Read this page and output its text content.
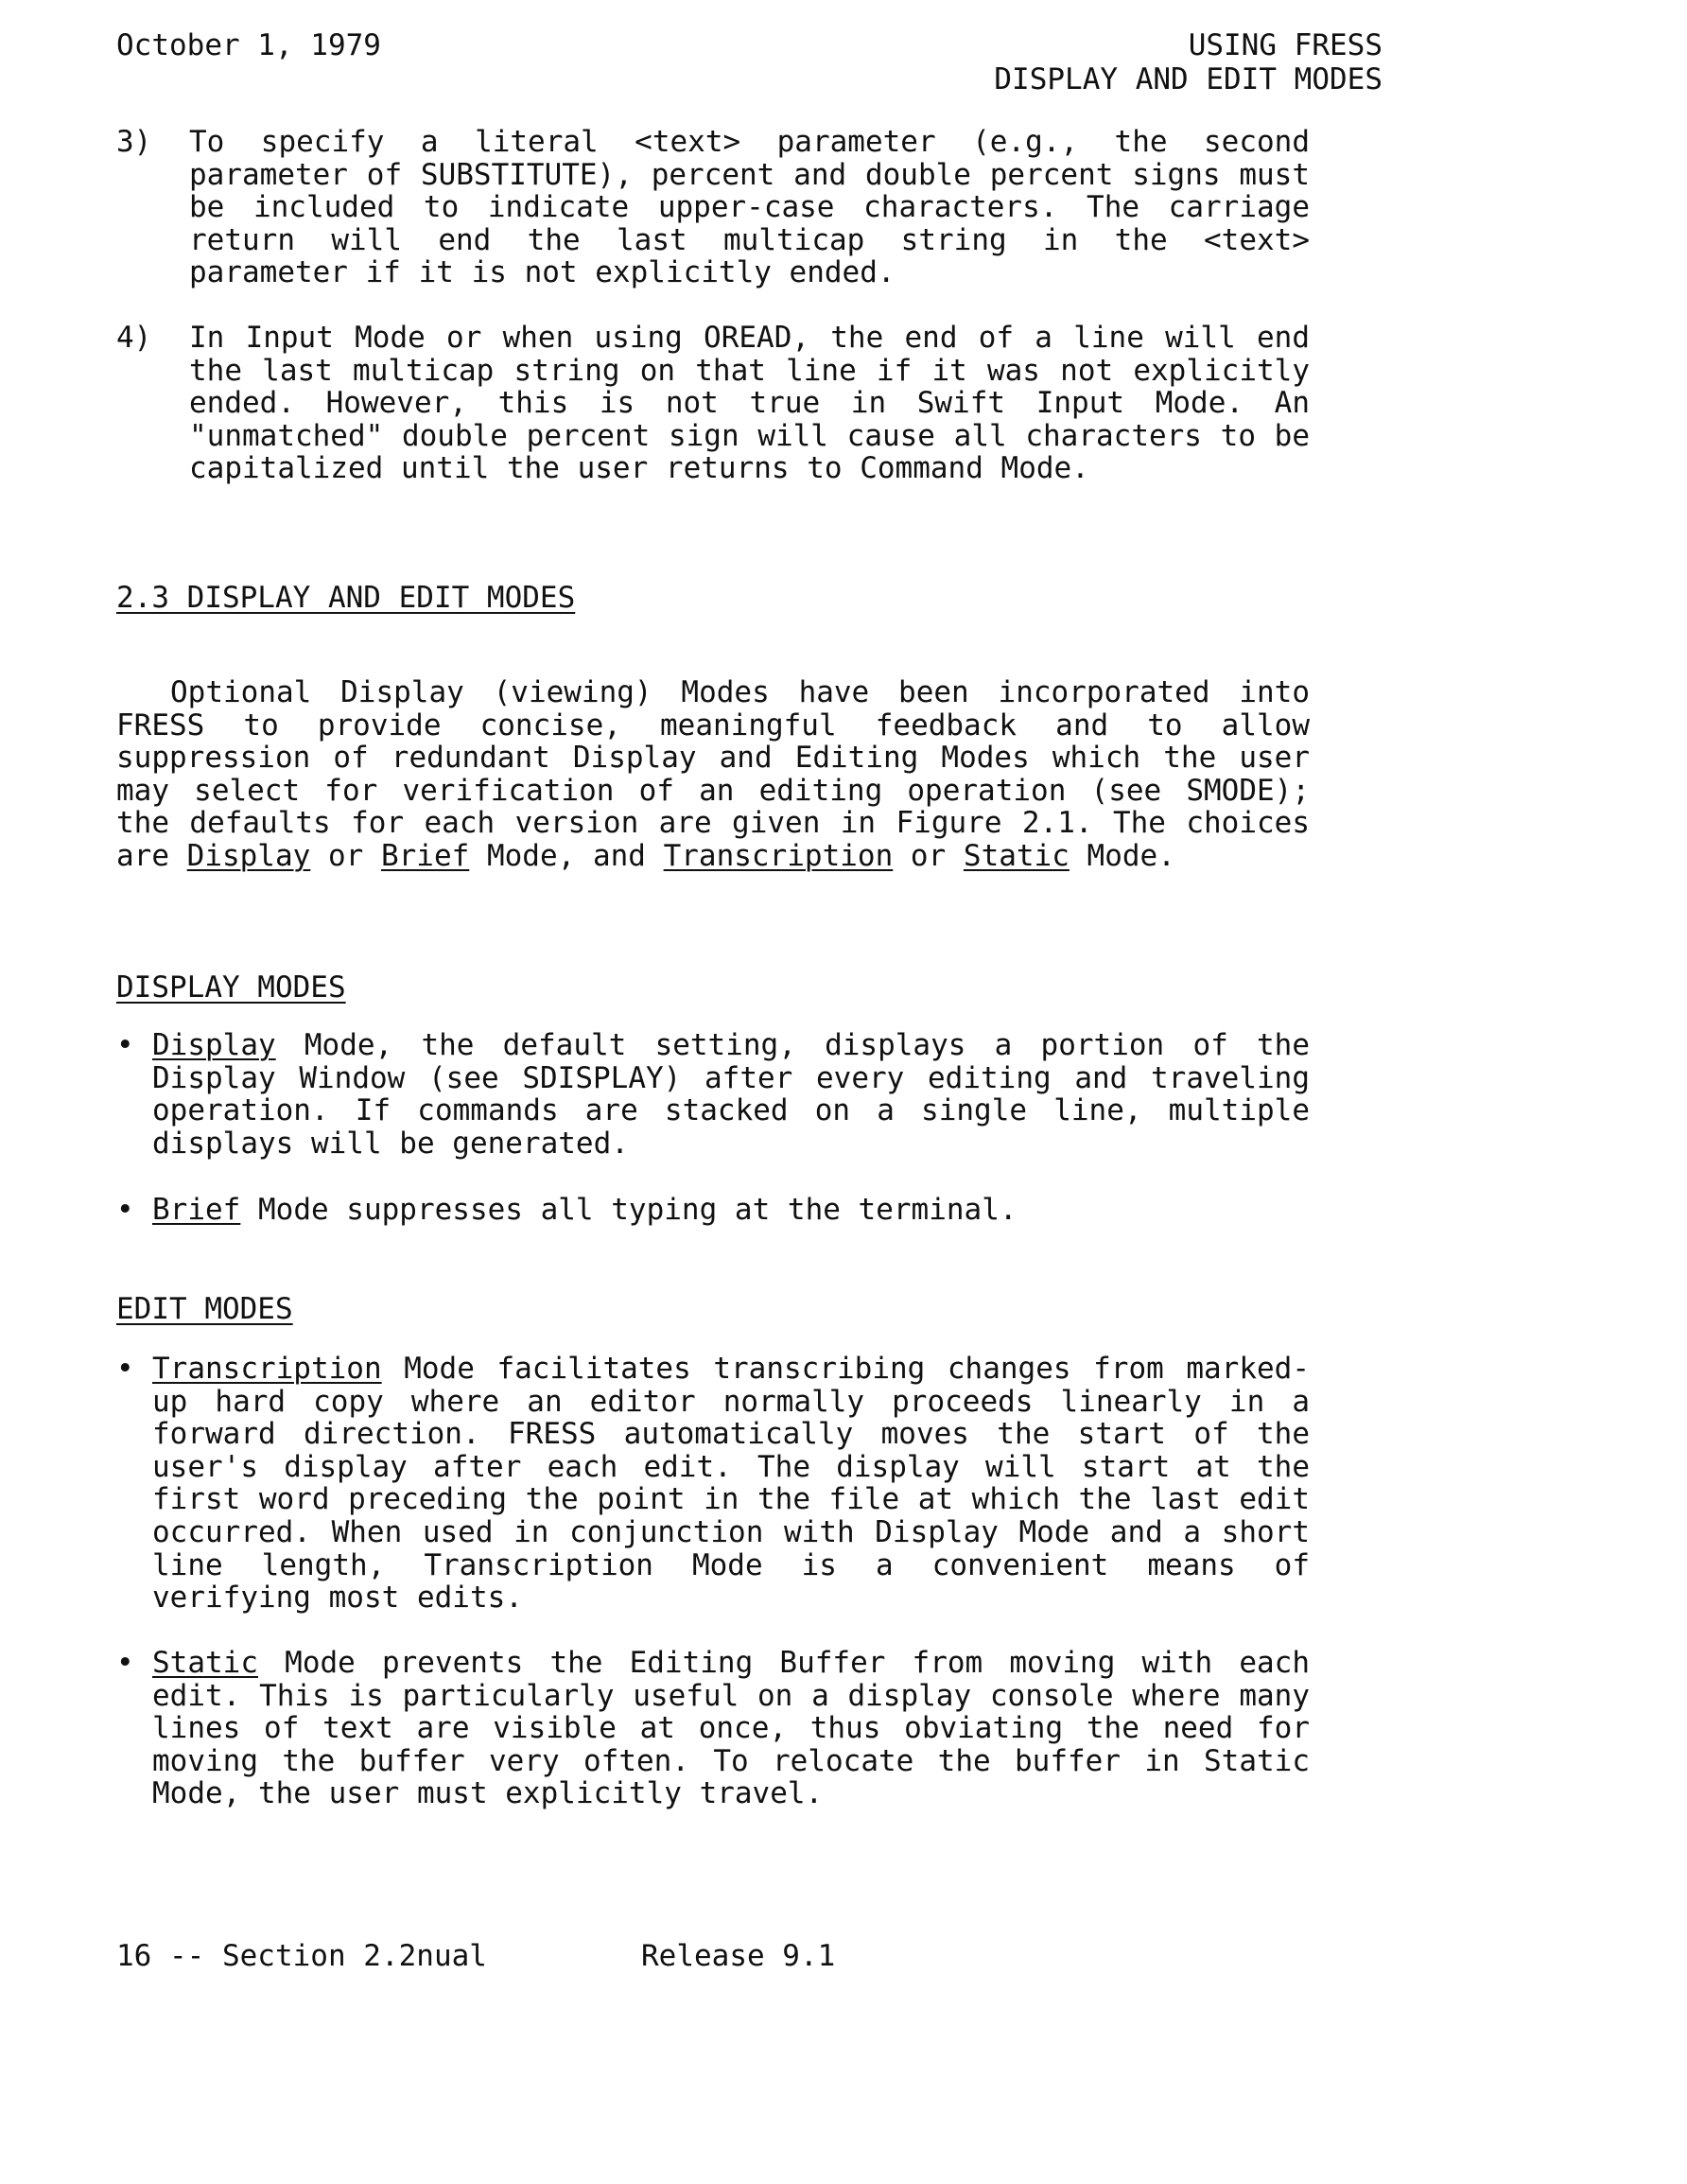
October 1, 1979	USING FRESS
DISPLAY AND EDIT MODES
3) To specify a literal <text> parameter (e.g., the second parameter of SUBSTITUTE), percent and double percent signs must be included to indicate upper-case characters. The carriage return will end the last multicap string in the <text> parameter if it is not explicitly ended.
4) In Input Mode or when using OREAD, the end of a line will end the last multicap string on that line if it was not explicitly ended. However, this is not true in Swift Input Mode. An "unmatched" double percent sign will cause all characters to be capitalized until the user returns to Command Mode.
2.3 DISPLAY AND EDIT MODES
Optional Display (viewing) Modes have been incorporated into FRESS to provide concise, meaningful feedback and to allow suppression of redundant Display and Editing Modes which the user may select for verification of an editing operation (see SMODE); the defaults for each version are given in Figure 2.1. The choices are Display or Brief Mode, and Transcription or Static Mode.
DISPLAY MODES
• Display Mode, the default setting, displays a portion of the Display Window (see SDISPLAY) after every editing and traveling operation. If commands are stacked on a single line, multiple displays will be generated.
• Brief Mode suppresses all typing at the terminal.
EDIT MODES
• Transcription Mode facilitates transcribing changes from marked-up hard copy where an editor normally proceeds linearly in a forward direction. FRESS automatically moves the start of the user's display after each edit. The display will start at the first word preceding the point in the file at which the last edit occurred. When used in conjunction with Display Mode and a short line length, Transcription Mode is a convenient means of verifying most edits.
• Static Mode prevents the Editing Buffer from moving with each edit. This is particularly useful on a display console where many lines of text are visible at once, thus obviating the need for moving the buffer very often. To relocate the buffer in Static Mode, the user must explicitly travel.
16 -- Section 2.2nual	Release 9.1
